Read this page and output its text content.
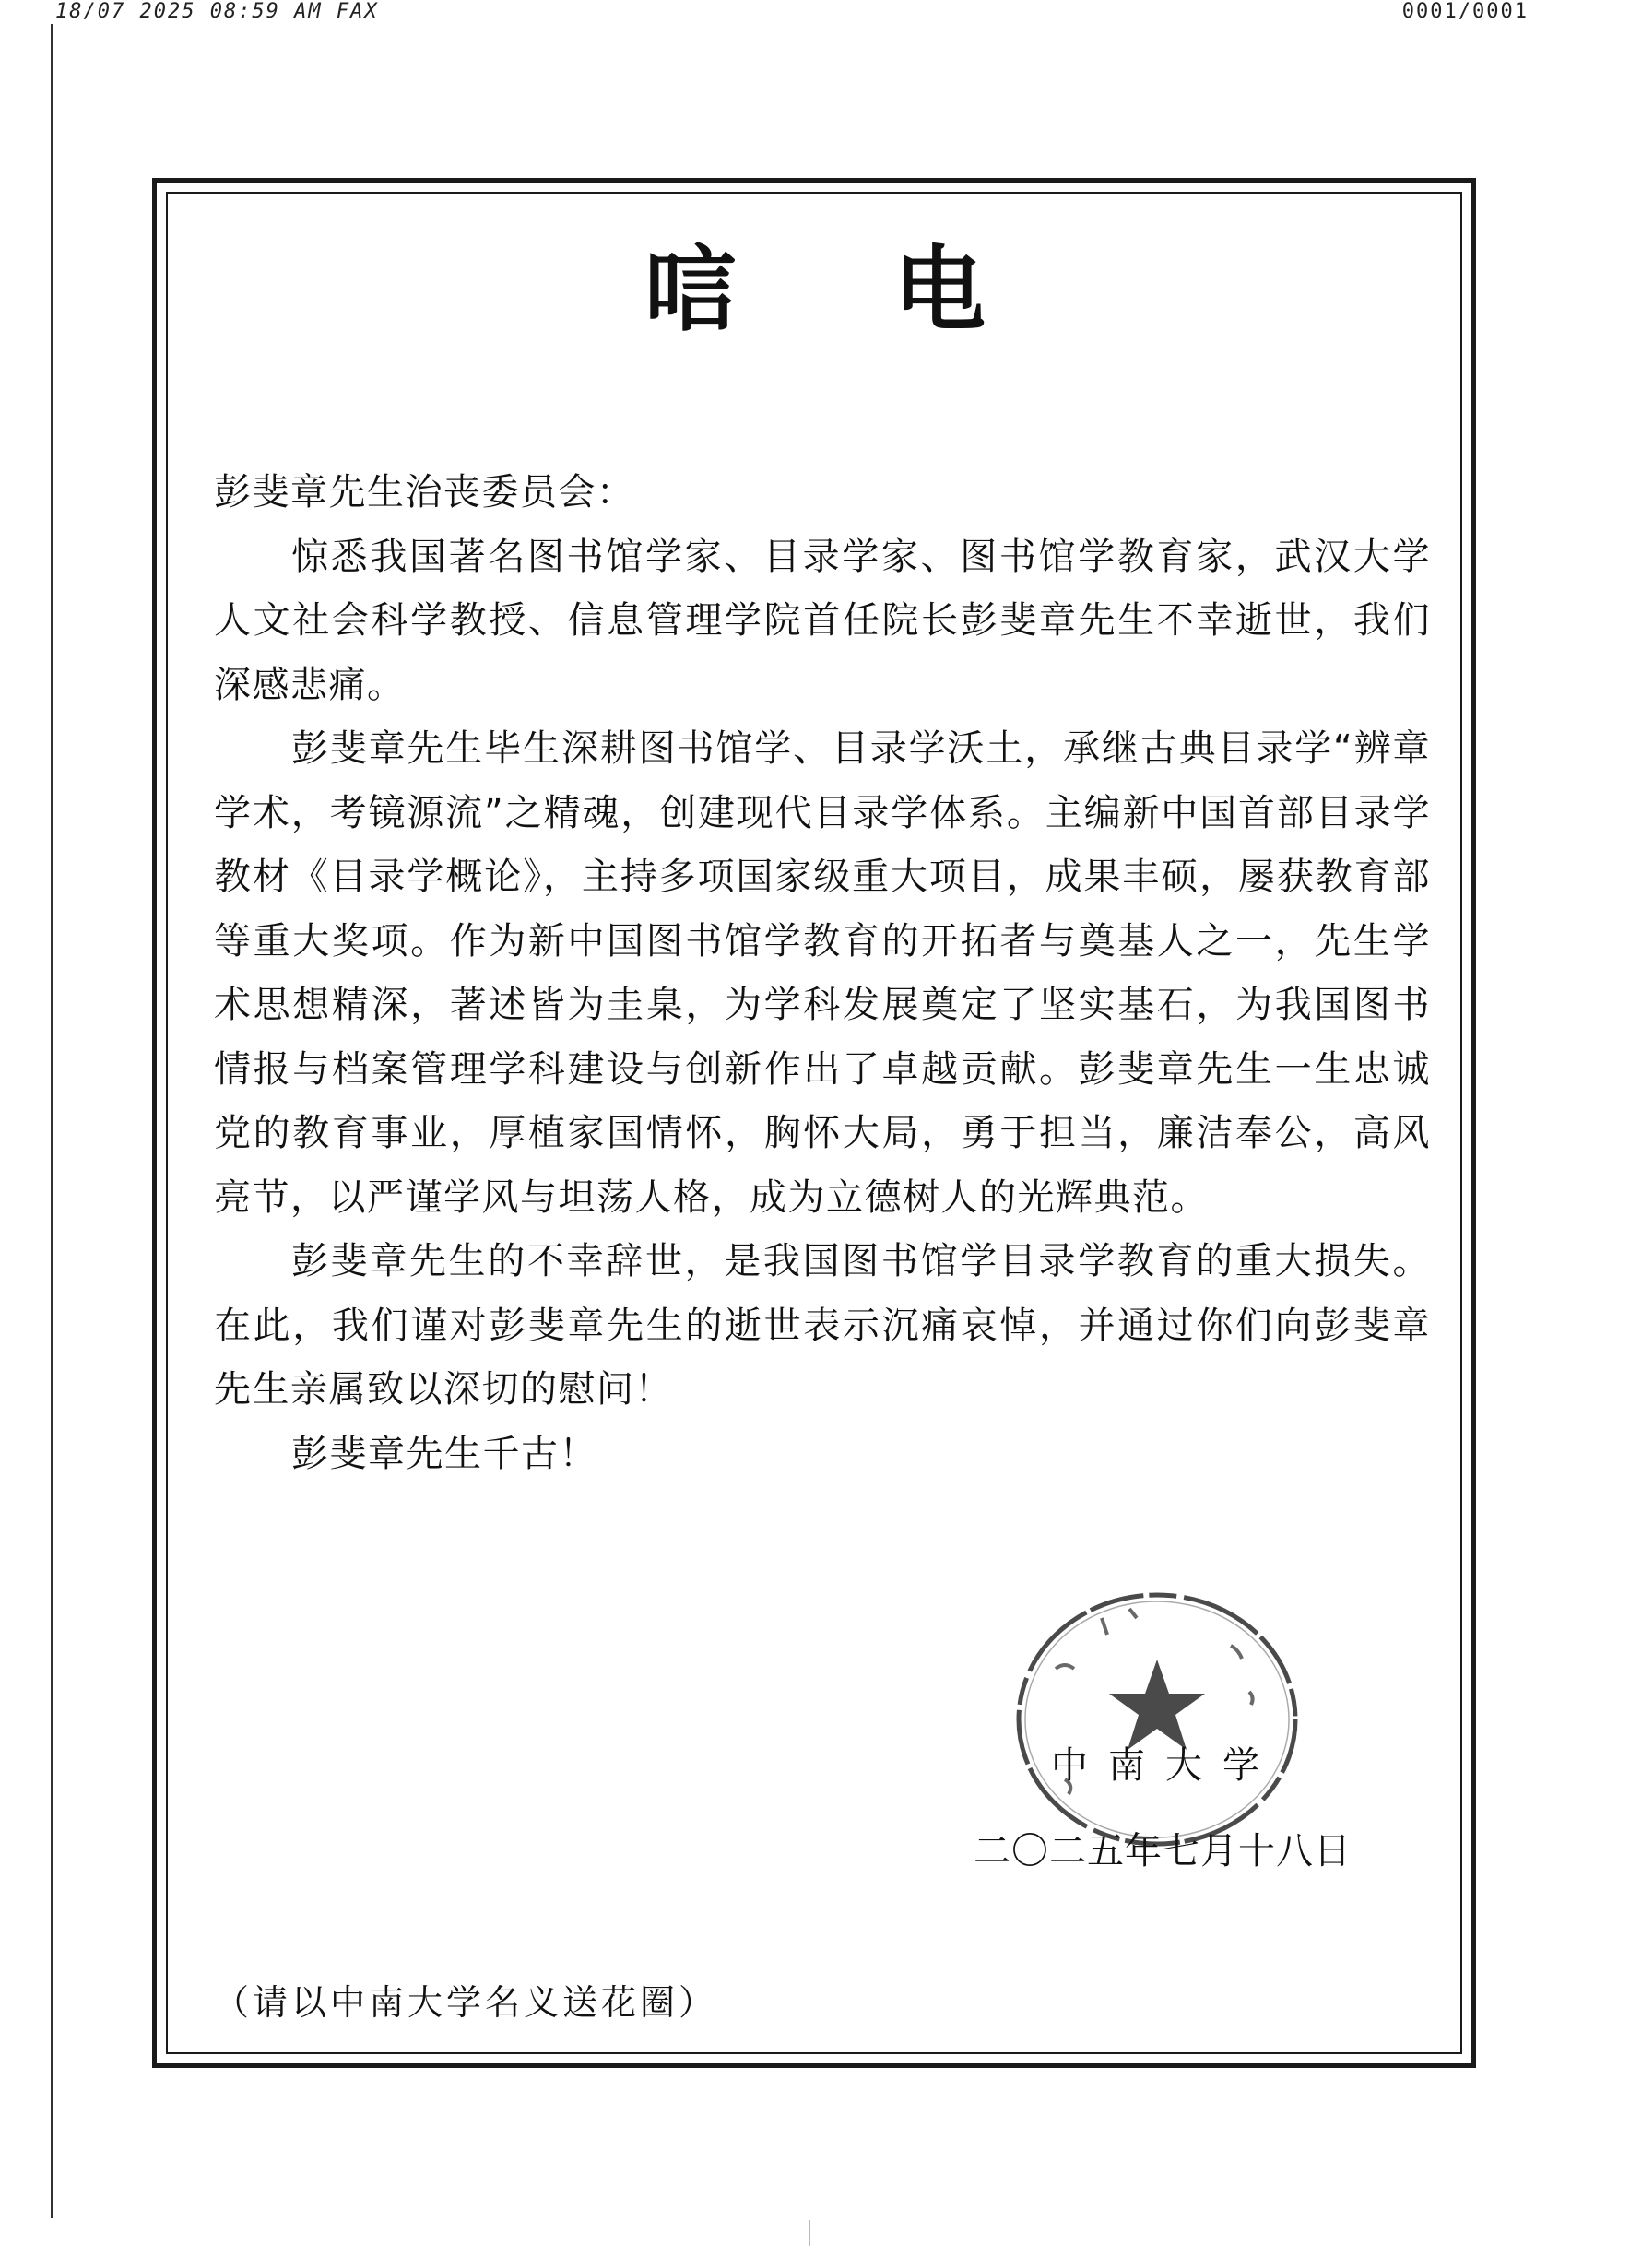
18/07 2025 08:59 AM FAX	 0001/0001
唁电

彭斐章先生治丧委员会：

惊悉我国著名图书馆学家、目录学家、图书馆学教育家，武汉大学人文社会科学教授、信息管理学院首任院长彭斐章先生不幸逝世，我们深感悲痛。

彭斐章先生毕生深耕图书馆学、目录学沃土，承继古典目录学“辨章学术，考镜源流”之精魂，创建现代目录学体系。主编新中国首部目录学教材《目录学概论》，主持多项国家级重大项目，成果丰硕，屡获教育部等重大奖项。作为新中国图书馆学教育的开拓者与奠基人之一，先生学术思想精深，著述皆为圭臬，为学科发展奠定了坚实基石，为我国图书情报与档案管理学科建设与创新作出了卓越贡献。彭斐章先生一生忠诚党的教育事业，厚植家国情怀，胸怀大局，勇于担当，廉洁奉公，高风亮节，以严谨学风与坦荡人格，成为立德树人的光辉典范。

彭斐章先生的不幸辞世，是我国图书馆学目录学教育的重大损失。在此，我们谨对彭斐章先生的逝世表示沉痛哀悼，并通过你们向彭斐章先生亲属致以深切的慰问！

彭斐章先生千古！

中南大学
二〇二五年七月十八日
（请以中南大学名义送花圈）
